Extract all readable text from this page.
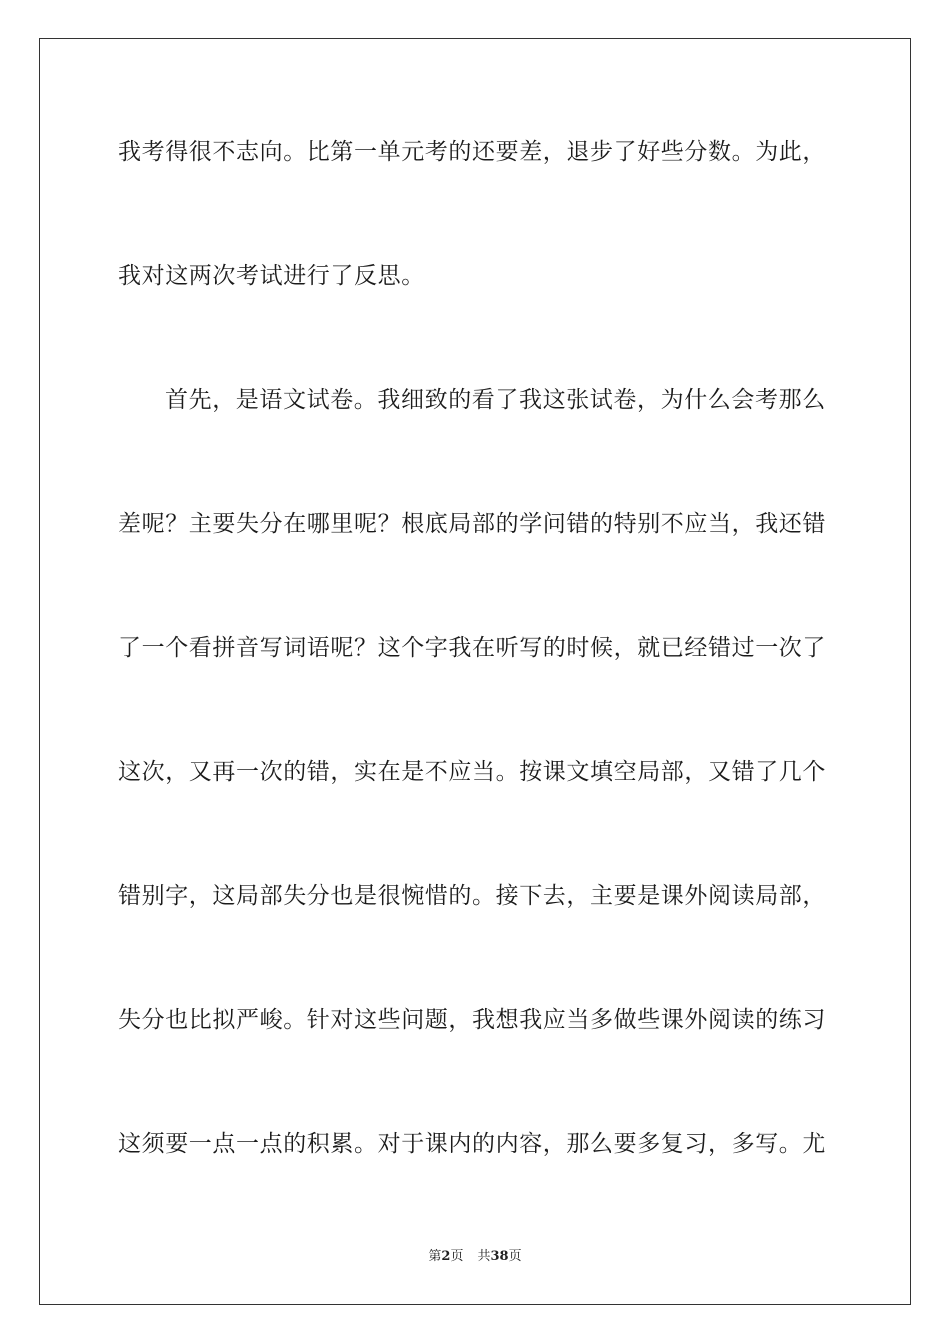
我考得很不志向。比第一单元考的还要差，退步了好些分数。为此，
我对这两次考试进行了反思。
首先，是语文试卷。我细致的看了我这张试卷，为什么会考那么
差呢？主要失分在哪里呢？根底局部的学问错的特别不应当，我还错
了一个看拼音写词语呢？这个字我在听写的时候，就已经错过一次了
这次，又再一次的错，实在是不应当。按课文填空局部，又错了几个
错别字，这局部失分也是很惋惜的。接下去，主要是课外阅读局部，
失分也比拟严峻。针对这些问题，我想我应当多做些课外阅读的练习
这须要一点一点的积累。对于课内的内容，那么要多复习，多写。尤
第2页 共38页
